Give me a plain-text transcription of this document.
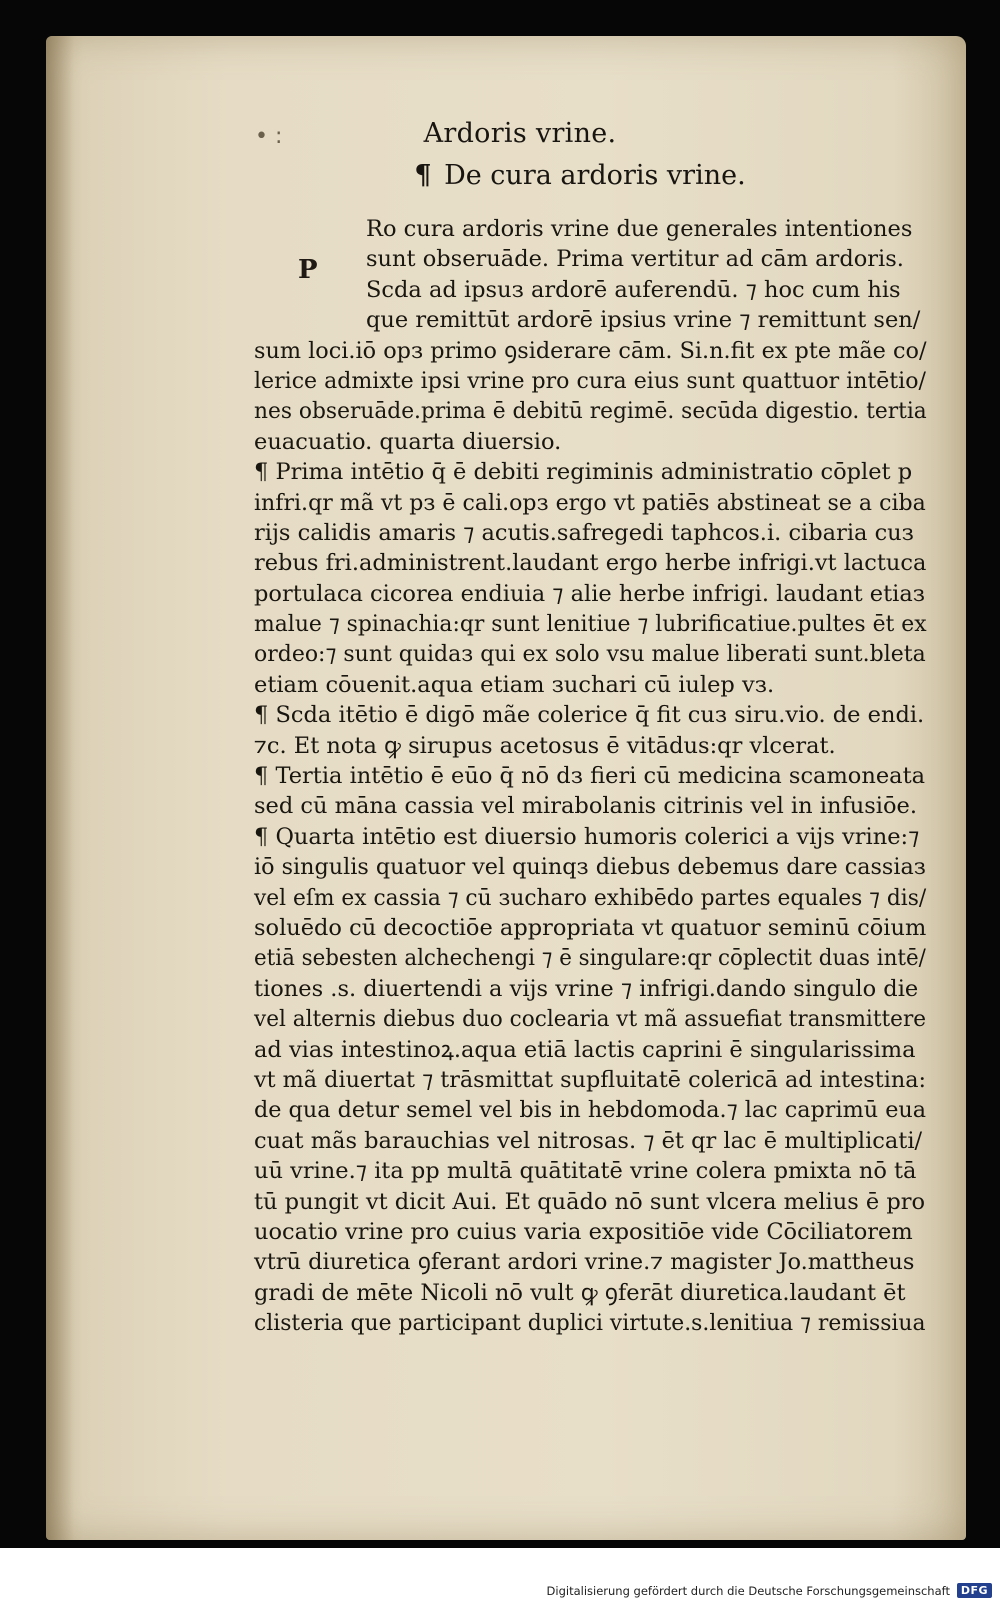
• :	Ardoris vrine.
¶ De cura ardoris vrine.
P
Ro cura ardoris vrine due generales intentiones
sunt obseruāde. Prima vertitur ad cām ardoris.
Scda ad ipsuз ardorē auferendū. ⁊ hoc cum his
que remittūt ardorē ipsius vrine ⁊ remittunt sen/
sum loci.iō opз primo ꝯsiderare cām. Si.n.fit ex pte mãe co/
lerice admixte ipsi vrine pro cura eius sunt quattuor intētio/
nes obseruāde.prima ē debitū regimē. secūda digestio. tertia
euacuatio. quarta diuersio.
¶ Prima intētio q̄ ē debiti regiminis administratio cōplet p
infri.qr mã vt pз ē cali.opз ergo vt patiēs abstineat se a ciba
rijs calidis amaris ⁊ acutis.safregedi taphcos.i. cibaria cuз
rebus fri.administrent.laudant ergo herbe infrigi.vt lactuca
portulaca cicorea endiuia ⁊ alie herbe infrigi. laudant etiaз
malue ⁊ spinachia:qr sunt lenitiue ⁊ lubrificatiue.pultes ēt ex
ordeo:⁊ sunt quidaз qui ex solo vsu malue liberati sunt.bleta
etiam cōuenit.aqua etiam зuchari cū iulep vз.
¶ Scda itētio ē digō mãe colerice q̄ fit cuз siru.vio. de endi.
⁊c. Et nota ꝙ sirupus acetosus ē vitādus:qr vlcerat.
¶ Tertia intētio ē eūo q̄ nō dз fieri cū medicina scamoneata
sed cū māna cassia vel mirabolanis citrinis vel in infusiōe.
¶ Quarta intētio est diuersio humoris colerici a vijs vrine:⁊
iō singulis quatuor vel quinqз diebus debemus dare cassiaз
vel eſm ex cassia ⁊ cū зucharo exhibēdo partes equales ⁊ dis/
soluēdo cū decoctiōe appropriata vt quatuor seminū cōium
etiā sebesten alchechengi ⁊ ē singulare:qr cōplectit duas intē/
tiones .s. diuertendi a vijs vrine ⁊ infrigi.dando singulo die
vel alternis diebus duo coclearia vt mã assuefiat transmittere
ad vias intestinoꝝ.aqua etiā lactis caprini ē singularissima
vt mã diuertat ⁊ trāsmittat supfluitatē colericā ad intestina:
de qua detur semel vel bis in hebdomoda.⁊ lac caprimū eua
cuat mãs barauchias vel nitrosas. ⁊ ēt qr lac ē multiplicati/
uū vrine.⁊ ita pp multā quātitatē vrine colera pmixta nō tā
tū pungit vt dicit Aui. Et quādo nō sunt vlcera melius ē pro
uocatio vrine pro cuius varia expositiōe vide Cōciliatorem
vtrū diuretica ꝯferant ardori vrine.⁊ magister Jo.mattheus
gradi de mēte Nicoli nō vult ꝙ ꝯferāt diuretica.laudant ēt
clisteria que participant duplici virtute.s.lenitiua ⁊ remissiua
Digitalisierung gefördert durch die Deutsche Forschungsgemeinschaft DFG
